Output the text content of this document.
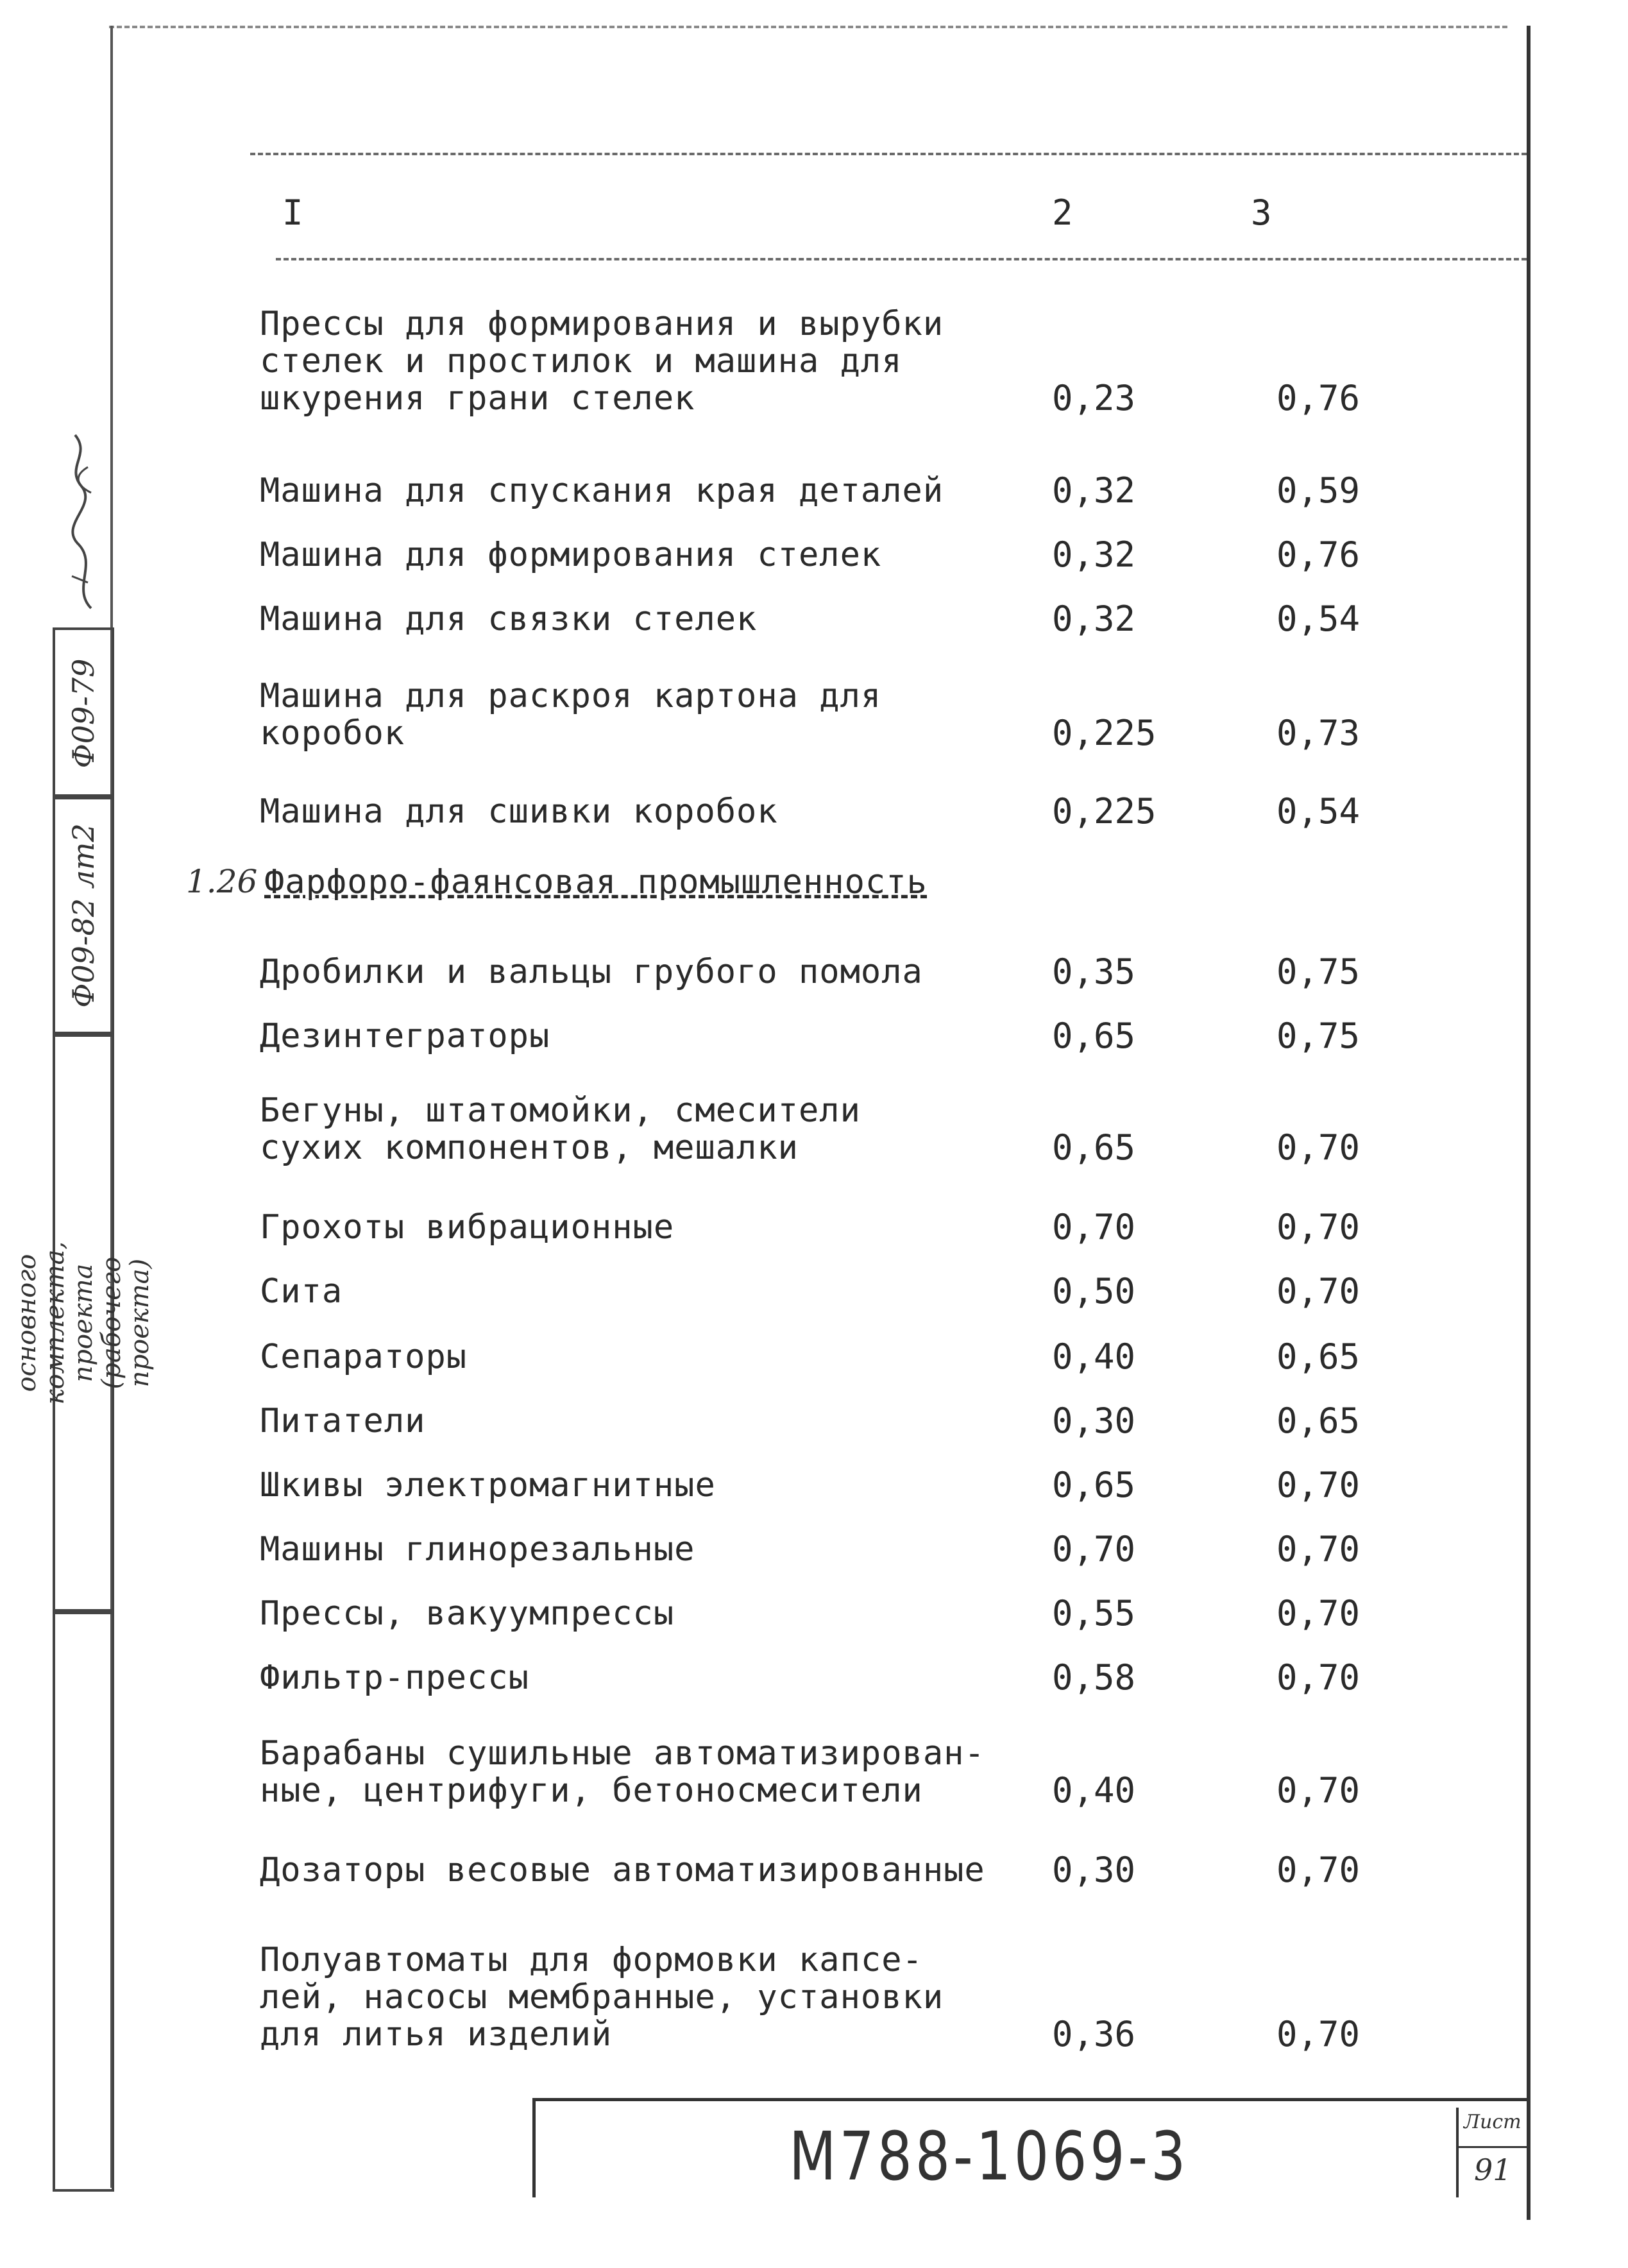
I	2	3
Прессы для формирования и вырубки
стелек и простилок и машина для
шкурения грани стелек	0,23	0,76
Машина для спускания края деталей	0,32	0,59
Машина для формирования стелек	0,32	0,76
Машина для связки стелек	0,32	0,54
Машина для раскроя картона для
коробок	0,225	0,73
Машина для сшивки коробок	0,225	0,54
1.26 Фарфоро-фаянсовая промышленность
Дробилки и вальцы грубого помола	0,35	0,75
Дезинтеграторы	0,65	0,75
Бегуны, штатомойки, смесители
сухих компонентов, мешалки	0,65	0,70
Грохоты вибрационные	0,70	0,70
Сита	0,50	0,70
Сепараторы	0,40	0,65
Питатели	0,30	0,65
Шкивы электромагнитные	0,65	0,70
Машины глинорезальные	0,70	0,70
Прессы, вакуумпрессы	0,55	0,70
Фильтр-прессы	0,58	0,70
Барабаны сушильные автоматизирован-
ные, центрифуги, бетоносмесители	0,40	0,70
Дозаторы весовые автоматизированные 0,30	0,70
Полуавтоматы для формовки капсе-
лей, насосы мембранные, установки
для литья изделий	0,36	0,70
Ф09-79
Ф09-82 лт2
основного комплекта,
проекта (рабочего проекта)
М788-1069-3	Лист
91
